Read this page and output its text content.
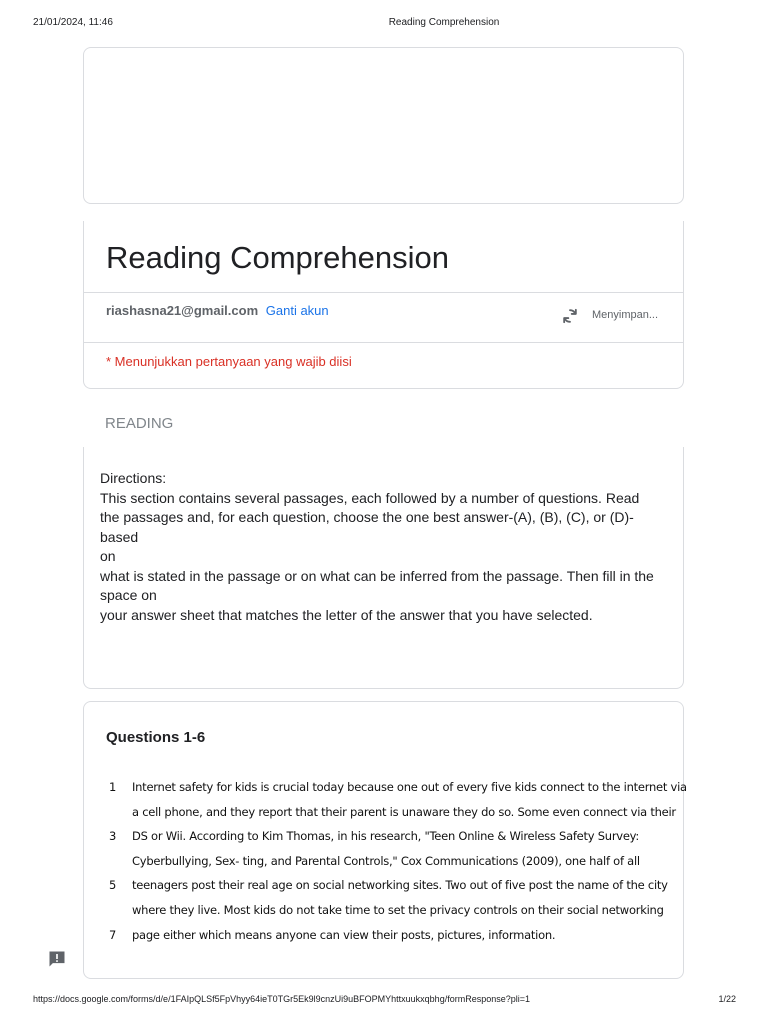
21/01/2024, 11:46	Reading Comprehension
Reading Comprehension
riashasna21@gmail.com Ganti akun	Menyimpan...
* Menunjukkan pertanyaan yang wajib diisi
READING
Directions:
This section contains several passages, each followed by a number of questions. Read
the passages and, for each question, choose the one best answer-(A), (B), (C), or (D)-based
on
what is stated in the passage or on what can be inferred from the passage. Then fill in the
space on
your answer sheet that matches the letter of the answer that you have selected.
Questions 1-6
1	Internet safety for kids is crucial today because one out of every five kids connect to the internet via
a cell phone, and they report that their parent is unaware they do so. Some even connect via their
3	DS or Wii. According to Kim Thomas, in his research, "Teen Online & Wireless Safety Survey:
Cyberbullying, Sex- ting, and Parental Controls," Cox Communications (2009), one half of all
5	teenagers post their real age on social networking sites. Two out of five post the name of the city
where they live. Most kids do not take time to set the privacy controls on their social networking
7	page either which means anyone can view their posts, pictures, information.
https://docs.google.com/forms/d/e/1FAIpQLSf5FpVhyy64ieT0TGr5Ek9l9cnzUi9uBFOPMYhttxuukxqbhg/formResponse?pli=1	1/22
